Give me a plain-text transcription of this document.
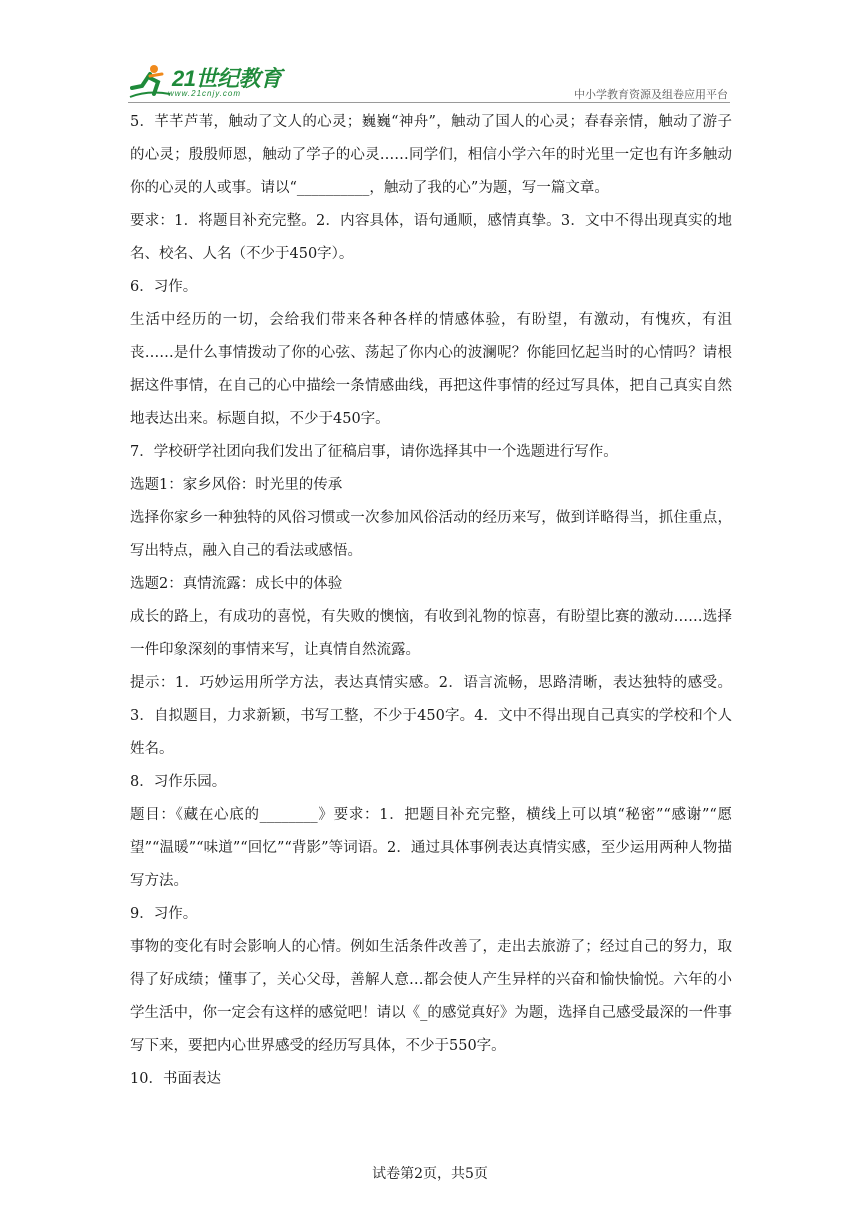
21世纪教育
www.21cnjy.com	中小学教育资源及组卷应用平台

5．芊芊芦苇，触动了文人的心灵；巍巍“神舟”，触动了国人的心灵；春春亲情，触动了游子的心灵；殷殷师恩，触动了学子的心灵……同学们，相信小学六年的时光里一定也有许多触动你的心灵的人或事。请以“__________，触动了我的心”为题，写一篇文章。

要求：1．将题目补充完整。2．内容具体，语句通顺，感情真挚。3．文中不得出现真实的地名、校名、人名（不少于450字）。

6．习作。

生活中经历的一切，会给我们带来各种各样的情感体验，有盼望，有激动，有愧疚，有沮丧……是什么事情拨动了你的心弦、荡起了你内心的波澜呢？你能回忆起当时的心情吗？请根据这件事情，在自己的心中描绘一条情感曲线，再把这件事情的经过写具体，把自己真实自然地表达出来。标题自拟，不少于450字。

7．学校研学社团向我们发出了征稿启事，请你选择其中一个选题进行写作。

选题1：家乡风俗：时光里的传承

选择你家乡一种独特的风俗习惯或一次参加风俗活动的经历来写，做到详略得当，抓住重点，写出特点，融入自己的看法或感悟。

选题2：真情流露：成长中的体验

成长的路上，有成功的喜悦，有失败的懊恼，有收到礼物的惊喜，有盼望比赛的激动……选择一件印象深刻的事情来写，让真情自然流露。

提示：1．巧妙运用所学方法，表达真情实感。2．语言流畅，思路清晰，表达独特的感受。3．自拟题目，力求新颖，书写工整，不少于450字。4．文中不得出现自己真实的学校和个人姓名。

8．习作乐园。

题目：《藏在心底的________》要求：1．把题目补充完整，横线上可以填“秘密”“感谢”“愿望”“温暖”“味道”“回忆”“背影”等词语。2．通过具体事例表达真情实感，至少运用两种人物描写方法。

9．习作。

事物的变化有时会影响人的心情。例如生活条件改善了，走出去旅游了；经过自己的努力，取得了好成绩；懂事了，关心父母，善解人意…都会使人产生异样的兴奋和愉快愉悦。六年的小学生活中，你一定会有这样的感觉吧！请以《_的感觉真好》为题，选择自己感受最深的一件事写下来，要把内心世界感受的经历写具体，不少于550字。

10．书面表达

试卷第2页，共5页
